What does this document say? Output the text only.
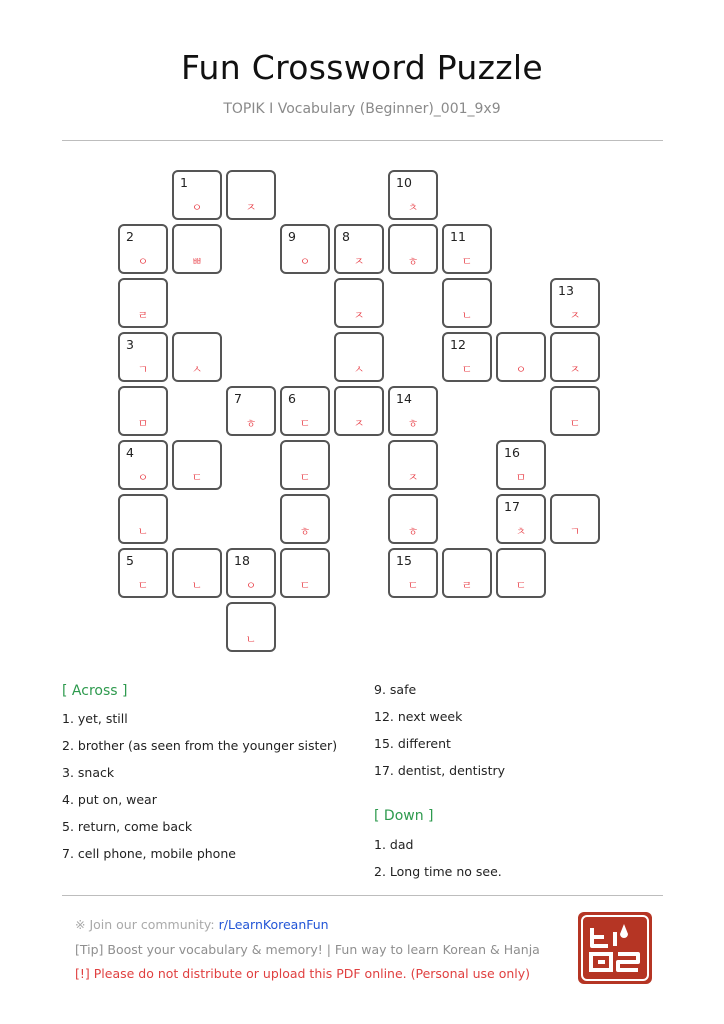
Fun Crossword Puzzle
TOPIK I Vocabulary (Beginner)_001_9x9
1
ㅇ	ㅈ
10
ㅊ
2
ㅇ	ㅃ
9
ㅇ
8
ㅈ	ㅎ
11
ㄷ
ㄹ	ㅈ	ㄴ
13
ㅈ
3
ㄱ	ㅅ	ㅅ
12
ㄷ	ㅇ	ㅈ
ㅁ
7
ㅎ
6
ㄷ	ㅈ
14
ㅎ	ㄷ
4
ㅇ	ㄷ	ㄷ	ㅈ
16
ㅁ
ㄴ	ㅎ	ㅎ
17
ㅊ	ㄱ
5
ㄷ	ㄴ
18
ㅇ	ㄷ
15
ㄷ	ㄹ	ㄷ
ㄴ
[ Across ]
1. yet, still
2. brother (as seen from the younger sister)
3. snack
4. put on, wear
5. return, come back
7. cell phone, mobile phone
9. safe
12. next week
15. different
17. dentist, dentistry
[ Down ]
1. dad
2. Long time no see.
※ Join our community: r/LearnKoreanFun
[Tip] Boost your vocabulary & memory! | Fun way to learn Korean & Hanja
[!] Please do not distribute or upload this PDF online. (Personal use only)
